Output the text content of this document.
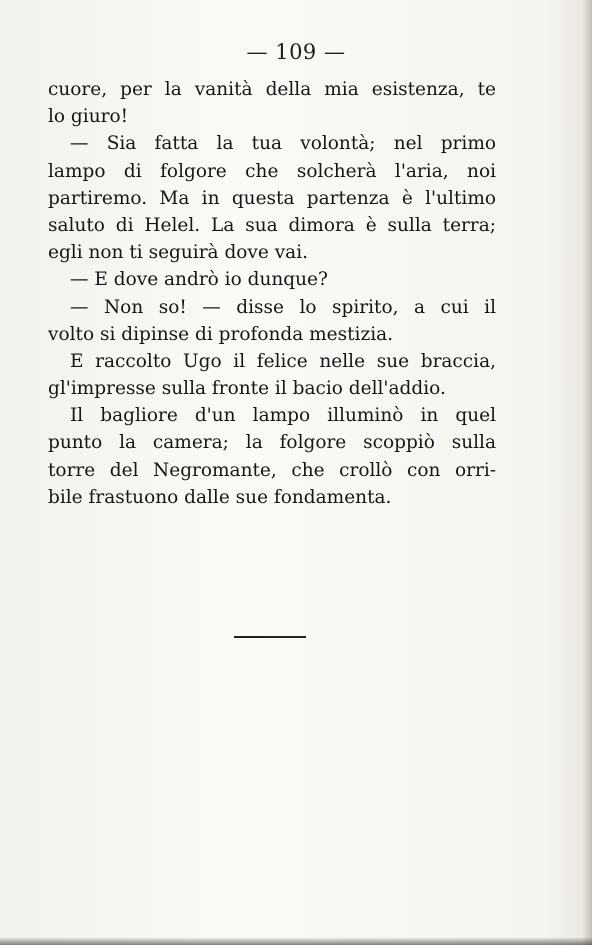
— 109 —
cuore, per la vanità della mia esistenza, te
lo giuro!
— Sia fatta la tua volontà; nel primo
lampo di folgore che solcherà l'aria, noi
partiremo. Ma in questa partenza è l'ultimo
saluto di Helel. La sua dimora è sulla terra;
egli non ti seguirà dove vai.
— E dove andrò io dunque?
— Non so! — disse lo spirito, a cui il
volto si dipinse di profonda mestizia.
E raccolto Ugo il felice nelle sue braccia,
gl'impresse sulla fronte il bacio dell'addio.
Il bagliore d'un lampo illuminò in quel
punto la camera; la folgore scoppiò sulla
torre del Negromante, che crollò con orri-
bile frastuono dalle sue fondamenta.
